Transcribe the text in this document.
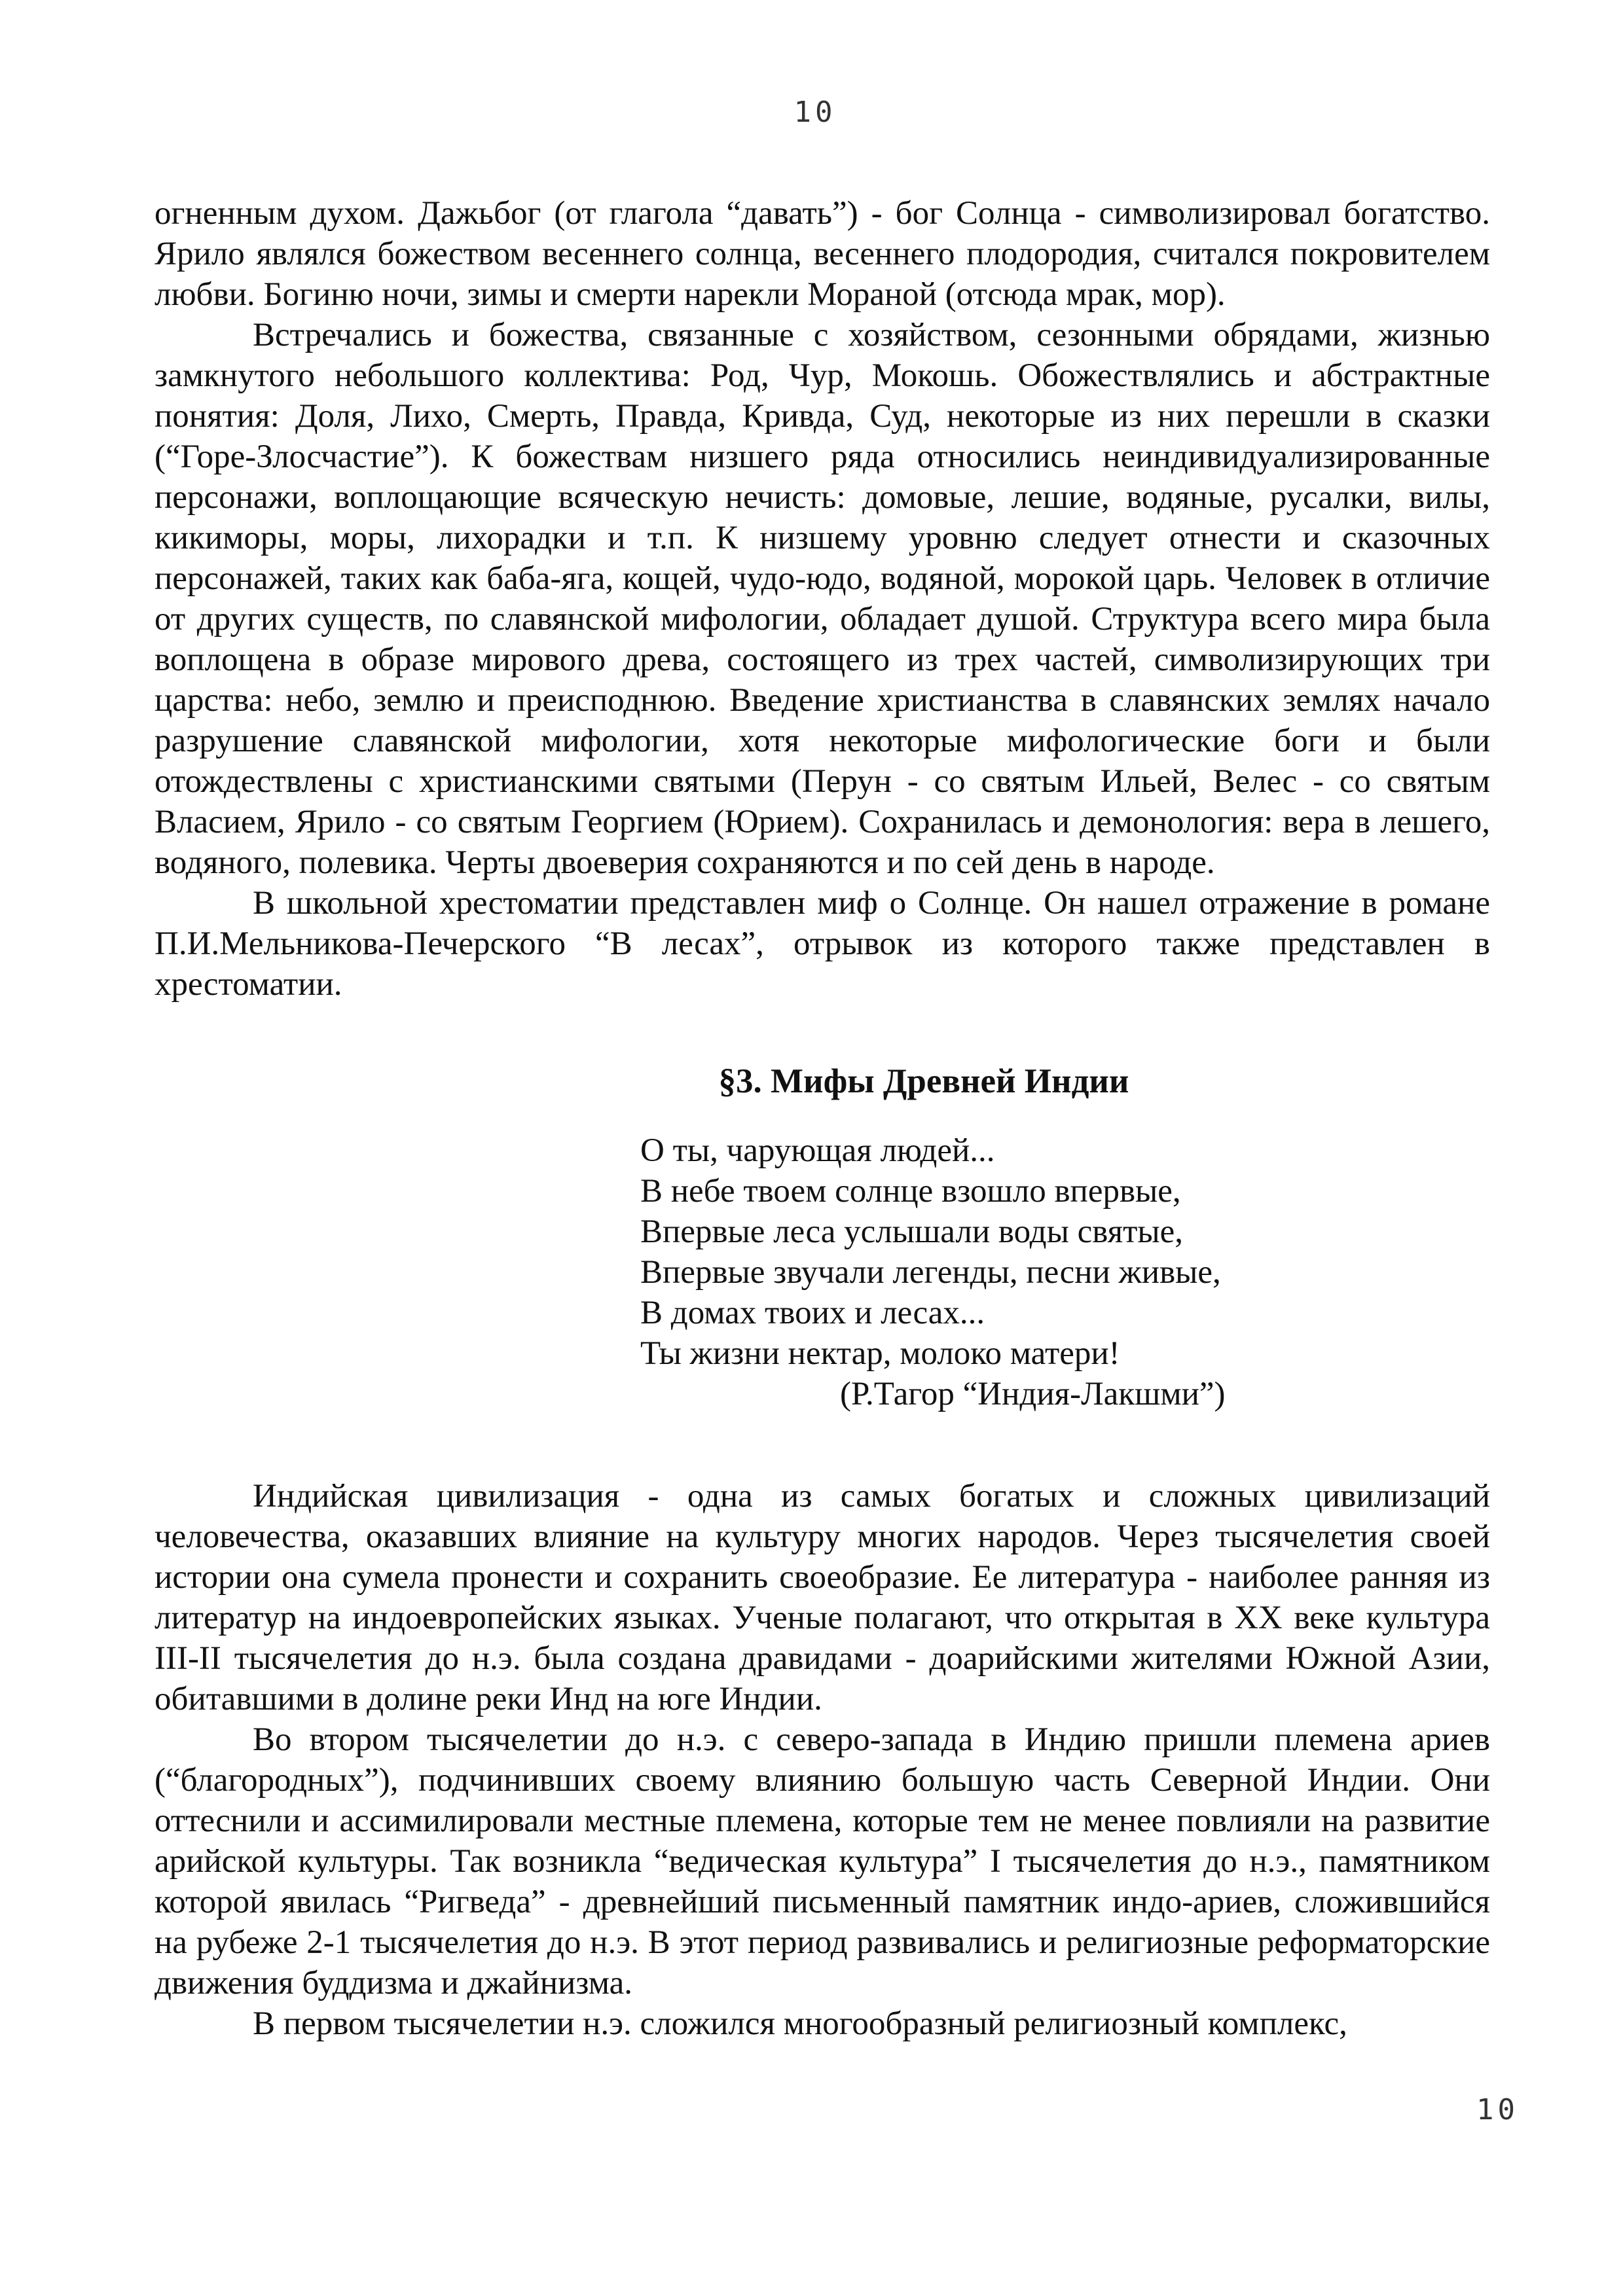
10

огненным духом. Дажьбог (от глагола “давать”) - бог Солнца - символизировал богатство. Ярило являлся божеством весеннего солнца, весеннего плодородия, считался покровителем любви. Богиню ночи, зимы и смерти нарекли Мораной (отсюда мрак, мор).

Встречались и божества, связанные с хозяйством, сезонными обрядами, жизнью замкнутого небольшого коллектива: Род, Чур, Мокошь. Обожествлялись и абстрактные понятия: Доля, Лихо, Смерть, Правда, Кривда, Суд, некоторые из них перешли в сказки (“Горе-Злосчастие”). К божествам низшего ряда относились неиндивидуализированные персонажи, воплощающие всяческую нечисть: домовые, лешие, водяные, русалки, вилы, кикиморы, моры, лихорадки и т.п. К низшему уровню следует отнести и сказочных персонажей, таких как баба-яга, кощей, чудо-юдо, водяной, морокой царь. Человек в отличие от других существ, по славянской мифологии, обладает душой. Структура всего мира была воплощена в образе мирового древа, состоящего из трех частей, символизирующих три царства: небо, землю и преисподнюю. Введение христианства в славянских землях начало разрушение славянской мифологии, хотя некоторые мифологические боги и были отождествлены с христианскими святыми (Перун - со святым Ильей, Велес - со святым Власием, Ярило - со святым Георгием (Юрием). Сохранилась и демонология: вера в лешего, водяного, полевика. Черты двоеверия сохраняются и по сей день в народе.

В школьной хрестоматии представлен миф о Солнце. Он нашел отражение в романе П.И.Мельникова-Печерского “В лесах”, отрывок из которого также представлен в хрестоматии.

§3. Мифы Древней Индии
О ты, чарующая людей...
В небе твоем солнце взошло впервые,
Впервые леса услышали воды святые,
Впервые звучали легенды, песни живые,
В домах твоих и лесах...
Ты жизни нектар, молоко матери!
(Р.Тагор “Индия-Лакшми”)

Индийская цивилизация - одна из самых богатых и сложных цивилизаций человечества, оказавших влияние на культуру многих народов. Через тысячелетия своей истории она сумела пронести и сохранить своеобразие. Ее литература - наиболее ранняя из литератур на индоевропейских языках. Ученые полагают, что открытая в XX веке культура III-II тысячелетия до н.э. была создана дравидами - доарийскими жителями Южной Азии, обитавшими в долине реки Инд на юге Индии.

Во втором тысячелетии до н.э. с северо-запада в Индию пришли племена ариев (“благородных”), подчинивших своему влиянию большую часть Северной Индии. Они оттеснили и ассимилировали местные племена, которые тем не менее повлияли на развитие арийской культуры. Так возникла “ведическая культура” I тысячелетия до н.э., памятником которой явилась “Ригведа” - древнейший письменный памятник индо-ариев, сложившийся на рубеже 2-1 тысячелетия до н.э. В этот период развивались и религиозные реформаторские движения буддизма и джайнизма.

В первом тысячелетии н.э. сложился многообразный религиозный комплекс,

10
